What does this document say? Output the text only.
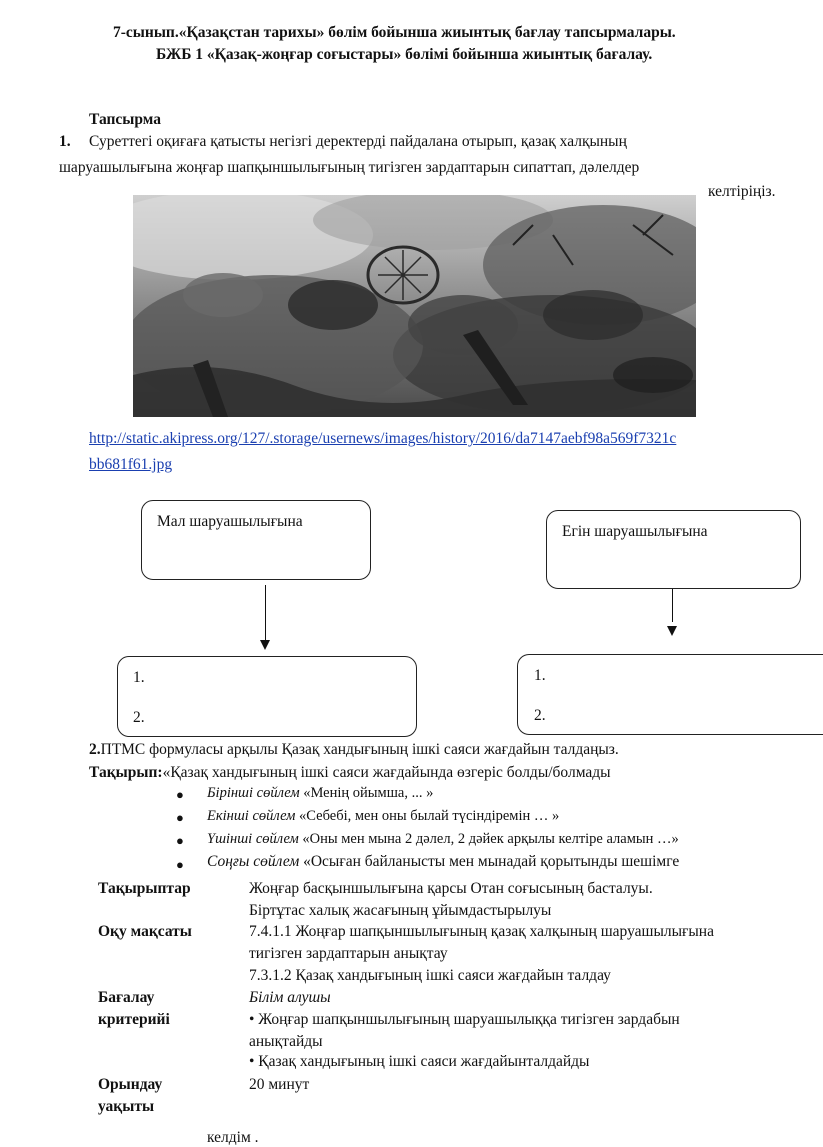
7-сынып.«Қазақстан тарихы» бөлім бойынша жиынтық бағлау тапсырмалары.
БЖБ 1 «Қазақ-жоңғар соғыстары» бөлімі бойынша жиынтық бағалау.
Тапсырма
1. Суреттегі оқиғаға қатысты негізгі деректерді пайдалана отырып, қазақ халқының
шаруашылығына жоңғар шапқыншылығының тигізген зардаптарын сипаттап, дәлелдер
келтіріңіз.
http://static.akipress.org/127/.storage/usernews/images/history/2016/da7147aebf98a569f7321c
bb681f61.jpg
Мал шаруашылығына
1.
2.
Егін шаруашылығына
1.
2.
2.ПТМС формуласы арқылы Қазақ хандығының ішкі саяси жағдайын талдаңыз.
Тақырып:«Қазақ хандығының ішкі саяси жағдайында өзгеріс болды/болмады
● Бірінші сөйлем «Менің ойымша, ... »
● Екінші сөйлем «Себебі, мен оны былай түсіндіремін … »
● Үшінші сөйлем «Оны мен мына 2 дәлел, 2 дәйек арқылы келтіре аламын …»
● Соңғы сөйлем «Осыған байланысты мен мынадай қорытынды шешімге
Тақырыптар	Жоңғар басқыншылығына қарсы Отан соғысының басталуы.
Біртұтас халық жасағының ұйымдастырылуы
Оқу мақсаты	7.4.1.1 Жоңғар шапқыншылығының қазақ халқының шаруашылығына
тигізген зардаптарын анықтау
7.3.1.2 Қазақ хандығының ішкі саяси жағдайын талдау
Бағалау
критерийі
Білім алушы
• Жоңғар шапқыншылығының шаруашылыққа тигізген зардабын
анықтайды
• Қазақ хандығының ішкі саяси жағдайынталдайды
Орындау
уақыты
20 минут
келдім .
